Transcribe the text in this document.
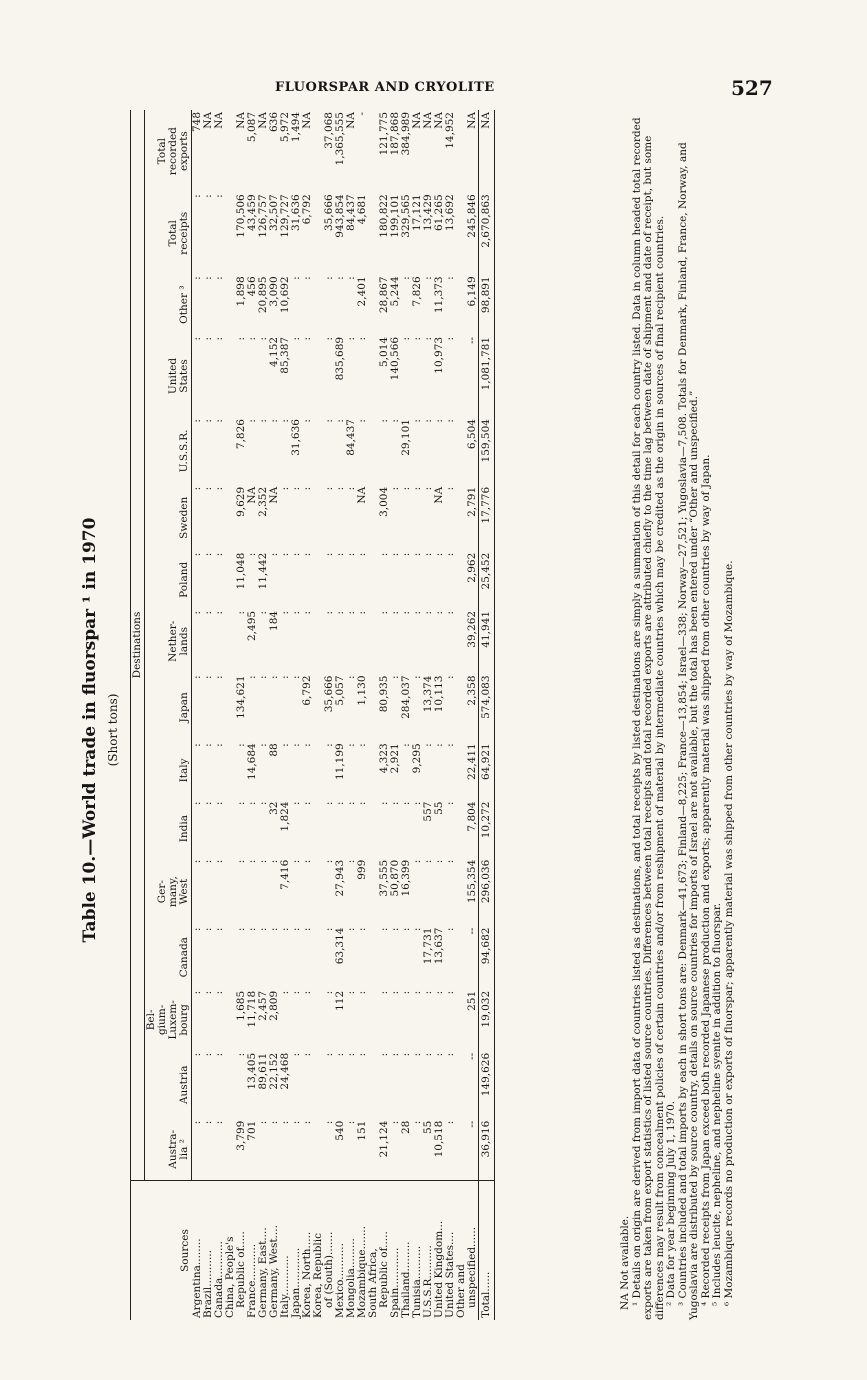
FLUORSPAR AND CRYOLITE	527
Table 10.—World trade in fluorspar ¹ in 1970 (Short tons)
Sources	Destinations															
	Austra-
lia ²	Austria	Bel-
gium-
Luxem-
bourg	Canada	Ger-
many,
West	India	Italy	Japan	Nether-
lands	Poland	Sweden	U.S.S.R.	United
States	Other ³	Total
receipts	Total
recorded
exports
Argentina........	:	:	:	:	:	:	:	:	:	:	:	:	:	:	:	748
Brazil...........	:	:	:	:	:	:	:	:	:	:	:	:	:	:	:	NA
Canada...........	:	:	:	:	:	:	:	:	:	:	:	:	:	:	:	NA
China, People's																
Republic of.....	3,799	:	1,685	:	:	:	:	134,621	:	11,048	9,629	7,826	:	1,898	170,506	NA
France...........	701	13,405	11,718	:	:	:	14,684	:	2,495	:	NA	:	:	456	43,459	5,087
Germany, East....	:	89,611	2,457	:	:	:	:	:	:	11,442	2,352	:	:	20,895	126,757	NA
Germany, West....	:	22,152	2,809	:	:	32	88	:	184	:	NA	:	4,152	3,090	32,507	636
Italy............	:	24,468	:	:	7,416	1,824	:	:	:	:	:	:	85,387	10,692	129,727	5,972
Japan............	:	:	:	:	:	:	:	:	:	:	:	31,636	:	:	31,636	1,494
Korea, North.....	:	:	:	:	:	:	:	6,792	:	:	:	:	:	:	6,792	NA
Korea, Republic																
of (South).......	:	:	:	:	:	:	:	35,666	:	:	:	:	:	:	35,666	37,068
Mexico...........	540	:	112	63,314	27,943	:	11,199	5,057	:	:	:	:	835,689	:	943,854	1,365,555
Mongolia.........	:	:	:	:	:	:	:	:	:	:	:	84,437	:	:	84,437	NA
Mozambique.......	151	:	:	:	999	:	:	1,130	:	:	NA	:	:	2,401	4,681	-
South Africa,																
Republic of.....	21,124	:	:	:	37,555	:	4,323	80,935	:	:	3,004	:	5,014	28,867	180,822	121,775
Spain............	:	:	:	:	50,870	:	2,921	:	:	:	:	:	140,566	5,244	199,101	187,868
Thailand.........	28	:	:	:	16,399	:	:	284,037	:	:	:	29,101	:	:	329,565	384,989
Tunisia..........	:	:	:	:	:	:	9,295	:	:	:	:	:	:	7,826	17,121	NA
U.S.S.R..........	55	:	:	17,731	:	557	:	13,374	:	:	:	:	:	:	13,429	NA
United Kingdom...	10,518	:	:	13,637	:	55	:	10,113	:	:	NA	:	10,973	11,373	61,265	NA
United States....	:	:	:	:	:	:	:	:	:	:	:	:	:	:	13,692	14,952
Other and																
unspecified......	--	--	251	--	155,354	7,804	22,411	2,358	39,262	2,962	2,791	6,504	--	6,149	245,846	NA
Total......	36,916	149,626	19,032	94,682	296,036	10,272	64,921	574,083	41,941	25,452	17,776	159,504	1,081,781	98,891	2,670,863	NA

NA Not available. ¹ Details on origin are derived from import data of countries listed as destinations, and total receipts by listed destinations are simply a summation of this detail for each country listed. Data in column headed total recorded exports are taken from export statistics of listed source countries. Differences between total receipts and total recorded exports are attributed chiefly to the time lag between date of shipment and date of receipt, but some differences may result from concealment policies of certain countries and/or from reshipment of material by intermediate countries which may be credited as the origin in sources of final recipient countries. ² Data for year beginning July 1, 1970. ³ Countries included and total imports by each in short tons are: Denmark—41,673; Finland—8,225; France—13,854; Israel—338; Norway—27,521; Yugoslavia—7,508. Totals for Denmark, Finland, France, Norway, and Yugoslavia are distributed by source country, details on source countries for imports of Israel are not available, but the total has been entered under “Other and unspecified.” ⁴ Recorded receipts from Japan exceed both recorded Japanese production and exports; apparently material was shipped from other countries by way of Japan. ⁵ Includes leucite, nepheline, and nepheline syenite in addition to fluorspar. ⁶ Mozambique records no production or exports of fluorspar; apparently material was shipped from other countries by way of Mozambique.
